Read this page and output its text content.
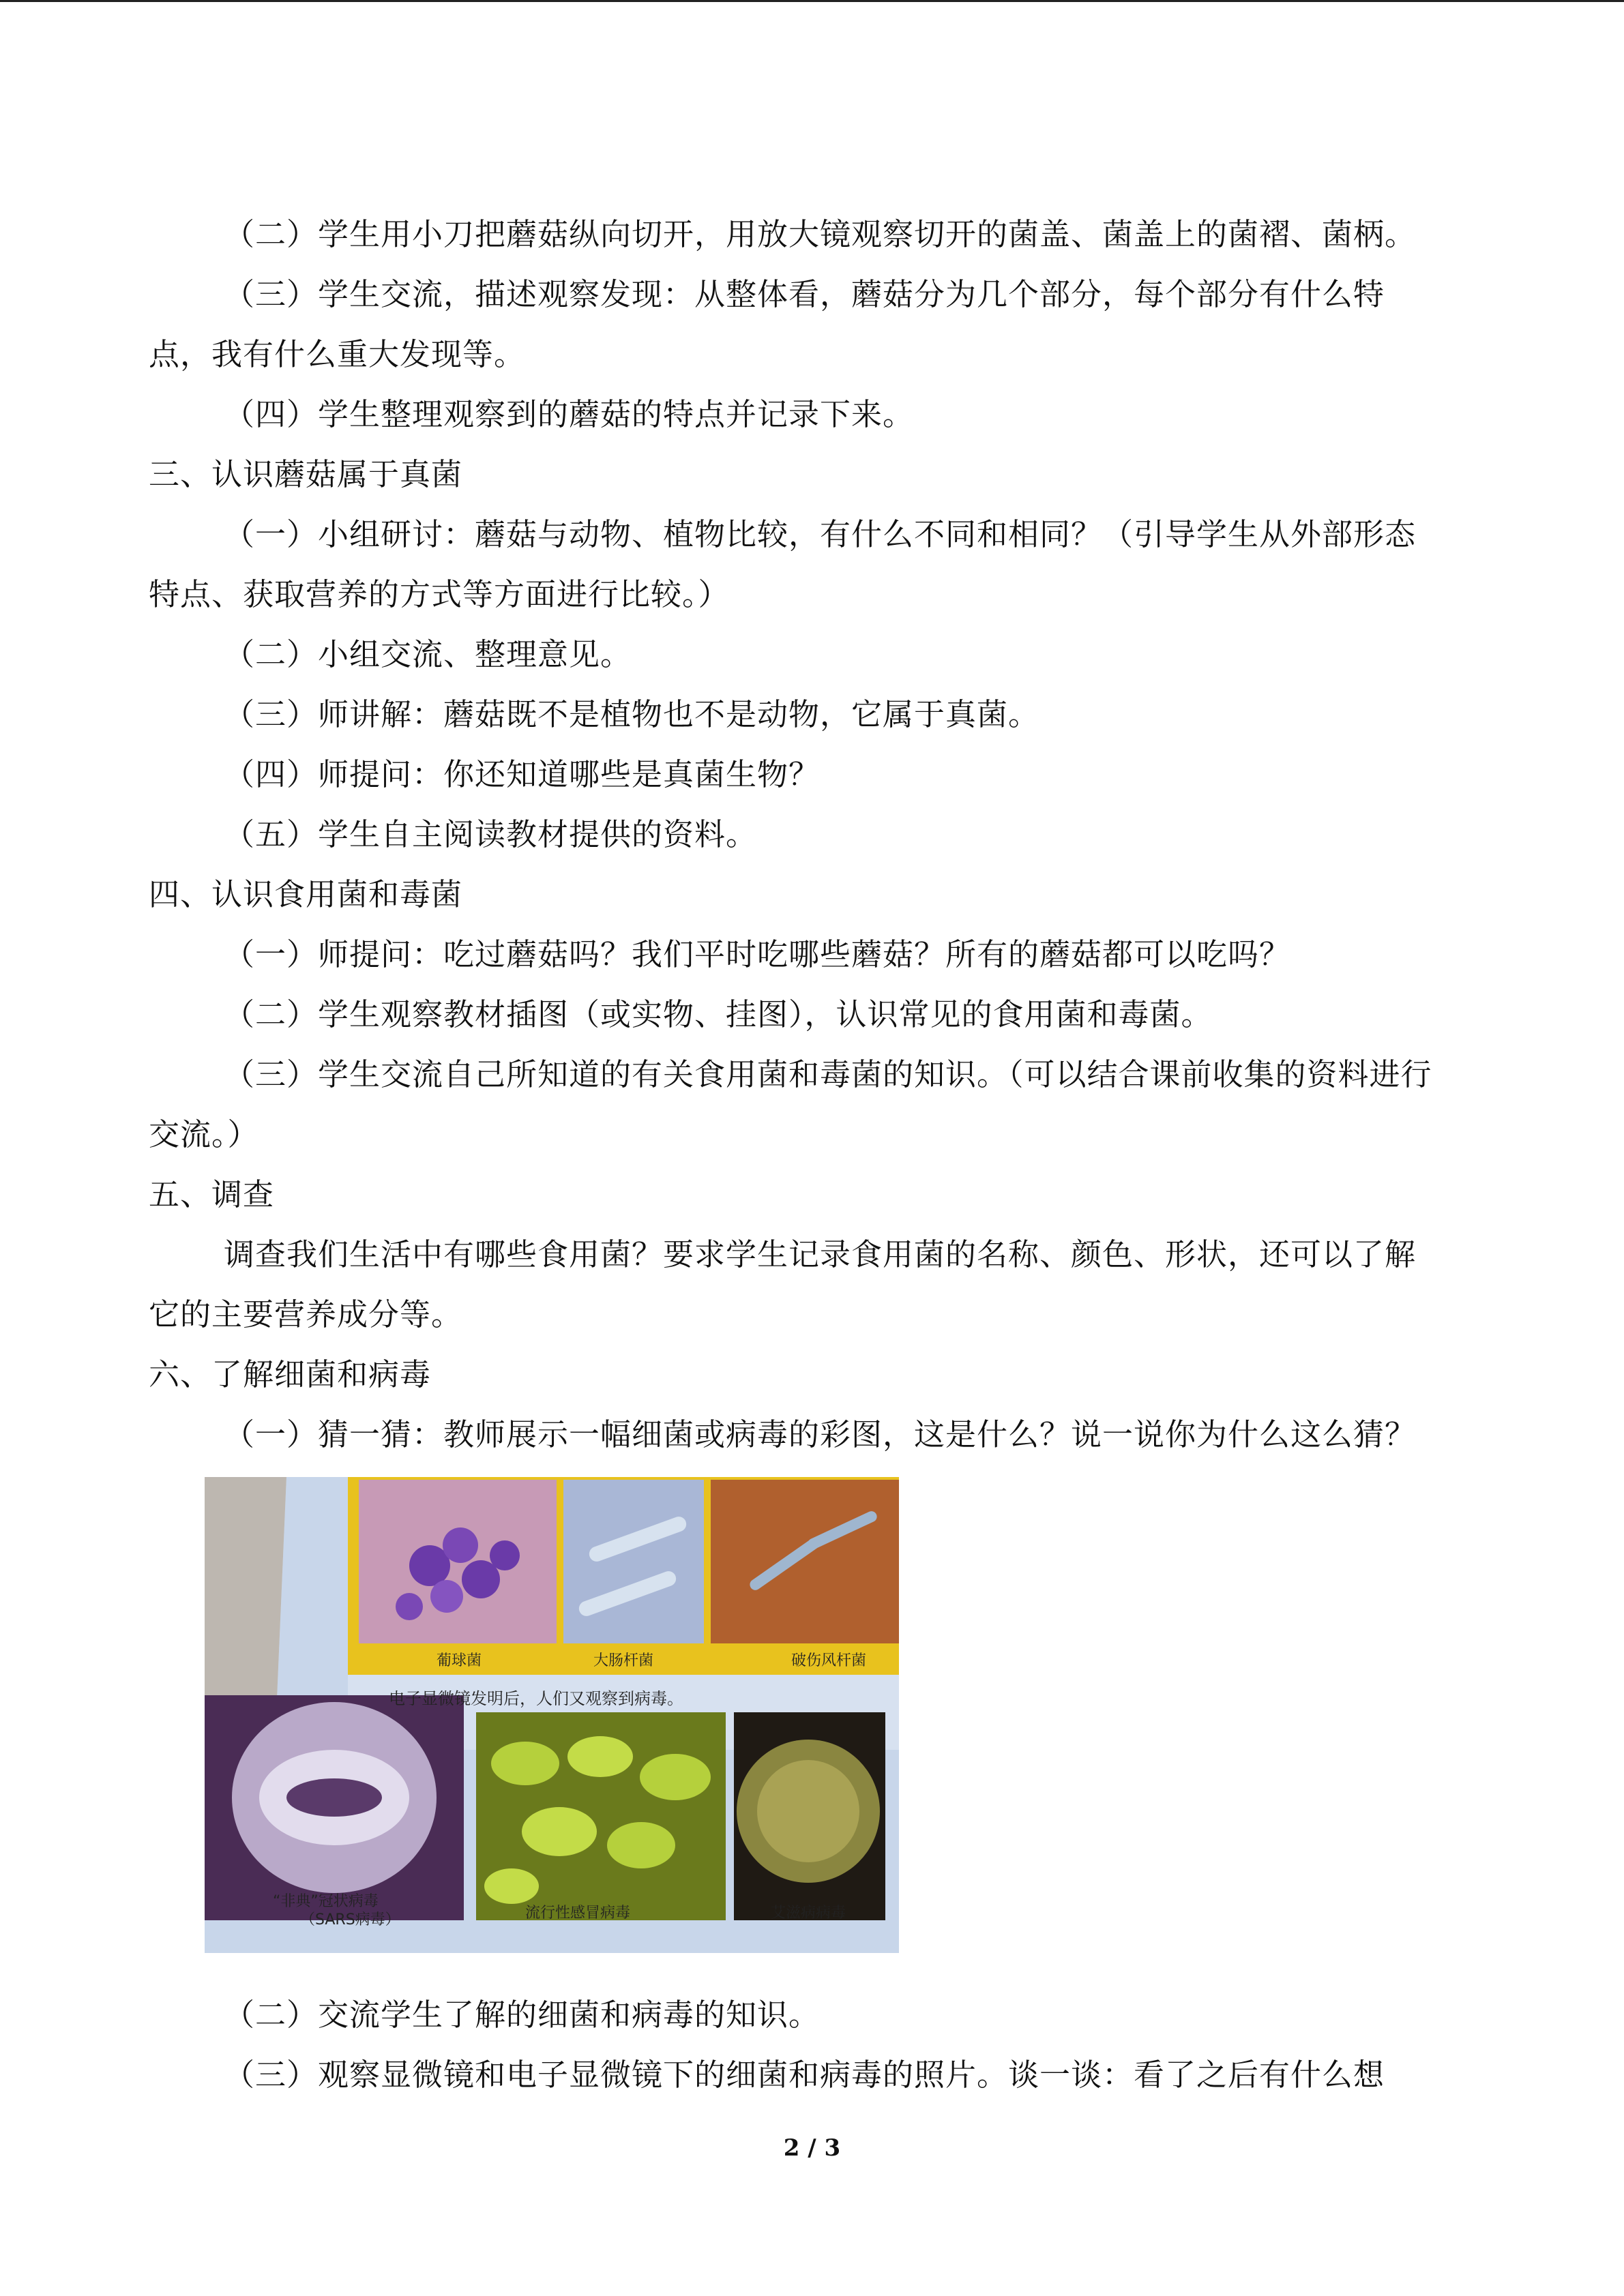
（二）学生用小刀把蘑菇纵向切开，用放大镜观察切开的菌盖、菌盖上的菌褶、菌柄。
（三）学生交流，描述观察发现：从整体看，蘑菇分为几个部分，每个部分有什么特
点，我有什么重大发现等。
（四）学生整理观察到的蘑菇的特点并记录下来。
三、认识蘑菇属于真菌
（一）小组研讨：蘑菇与动物、植物比较，有什么不同和相同？（引导学生从外部形态
特点、获取营养的方式等方面进行比较。）
（二）小组交流、整理意见。
（三）师讲解：蘑菇既不是植物也不是动物，它属于真菌。
（四）师提问：你还知道哪些是真菌生物？
（五）学生自主阅读教材提供的资料。
四、认识食用菌和毒菌
（一）师提问：吃过蘑菇吗？我们平时吃哪些蘑菇？所有的蘑菇都可以吃吗？
（二）学生观察教材插图（或实物、挂图），认识常见的食用菌和毒菌。
（三）学生交流自己所知道的有关食用菌和毒菌的知识。（可以结合课前收集的资料进行
交流。）
五、调查
调查我们生活中有哪些食用菌？要求学生记录食用菌的名称、颜色、形状，还可以了解
它的主要营养成分等。
六、了解细菌和病毒
（一）猜一猜：教师展示一幅细菌或病毒的彩图，这是什么？说一说你为什么这么猜？
葡球菌	大肠杆菌	破伤风杆菌
电子显微镜发明后，人们又观察到病毒。
“非典”冠状病毒
（SARS病毒）	流行性感冒病毒	艾滋病病毒
（二）交流学生了解的细菌和病毒的知识。
（三）观察显微镜和电子显微镜下的细菌和病毒的照片。谈一谈：看了之后有什么想
2 / 3
